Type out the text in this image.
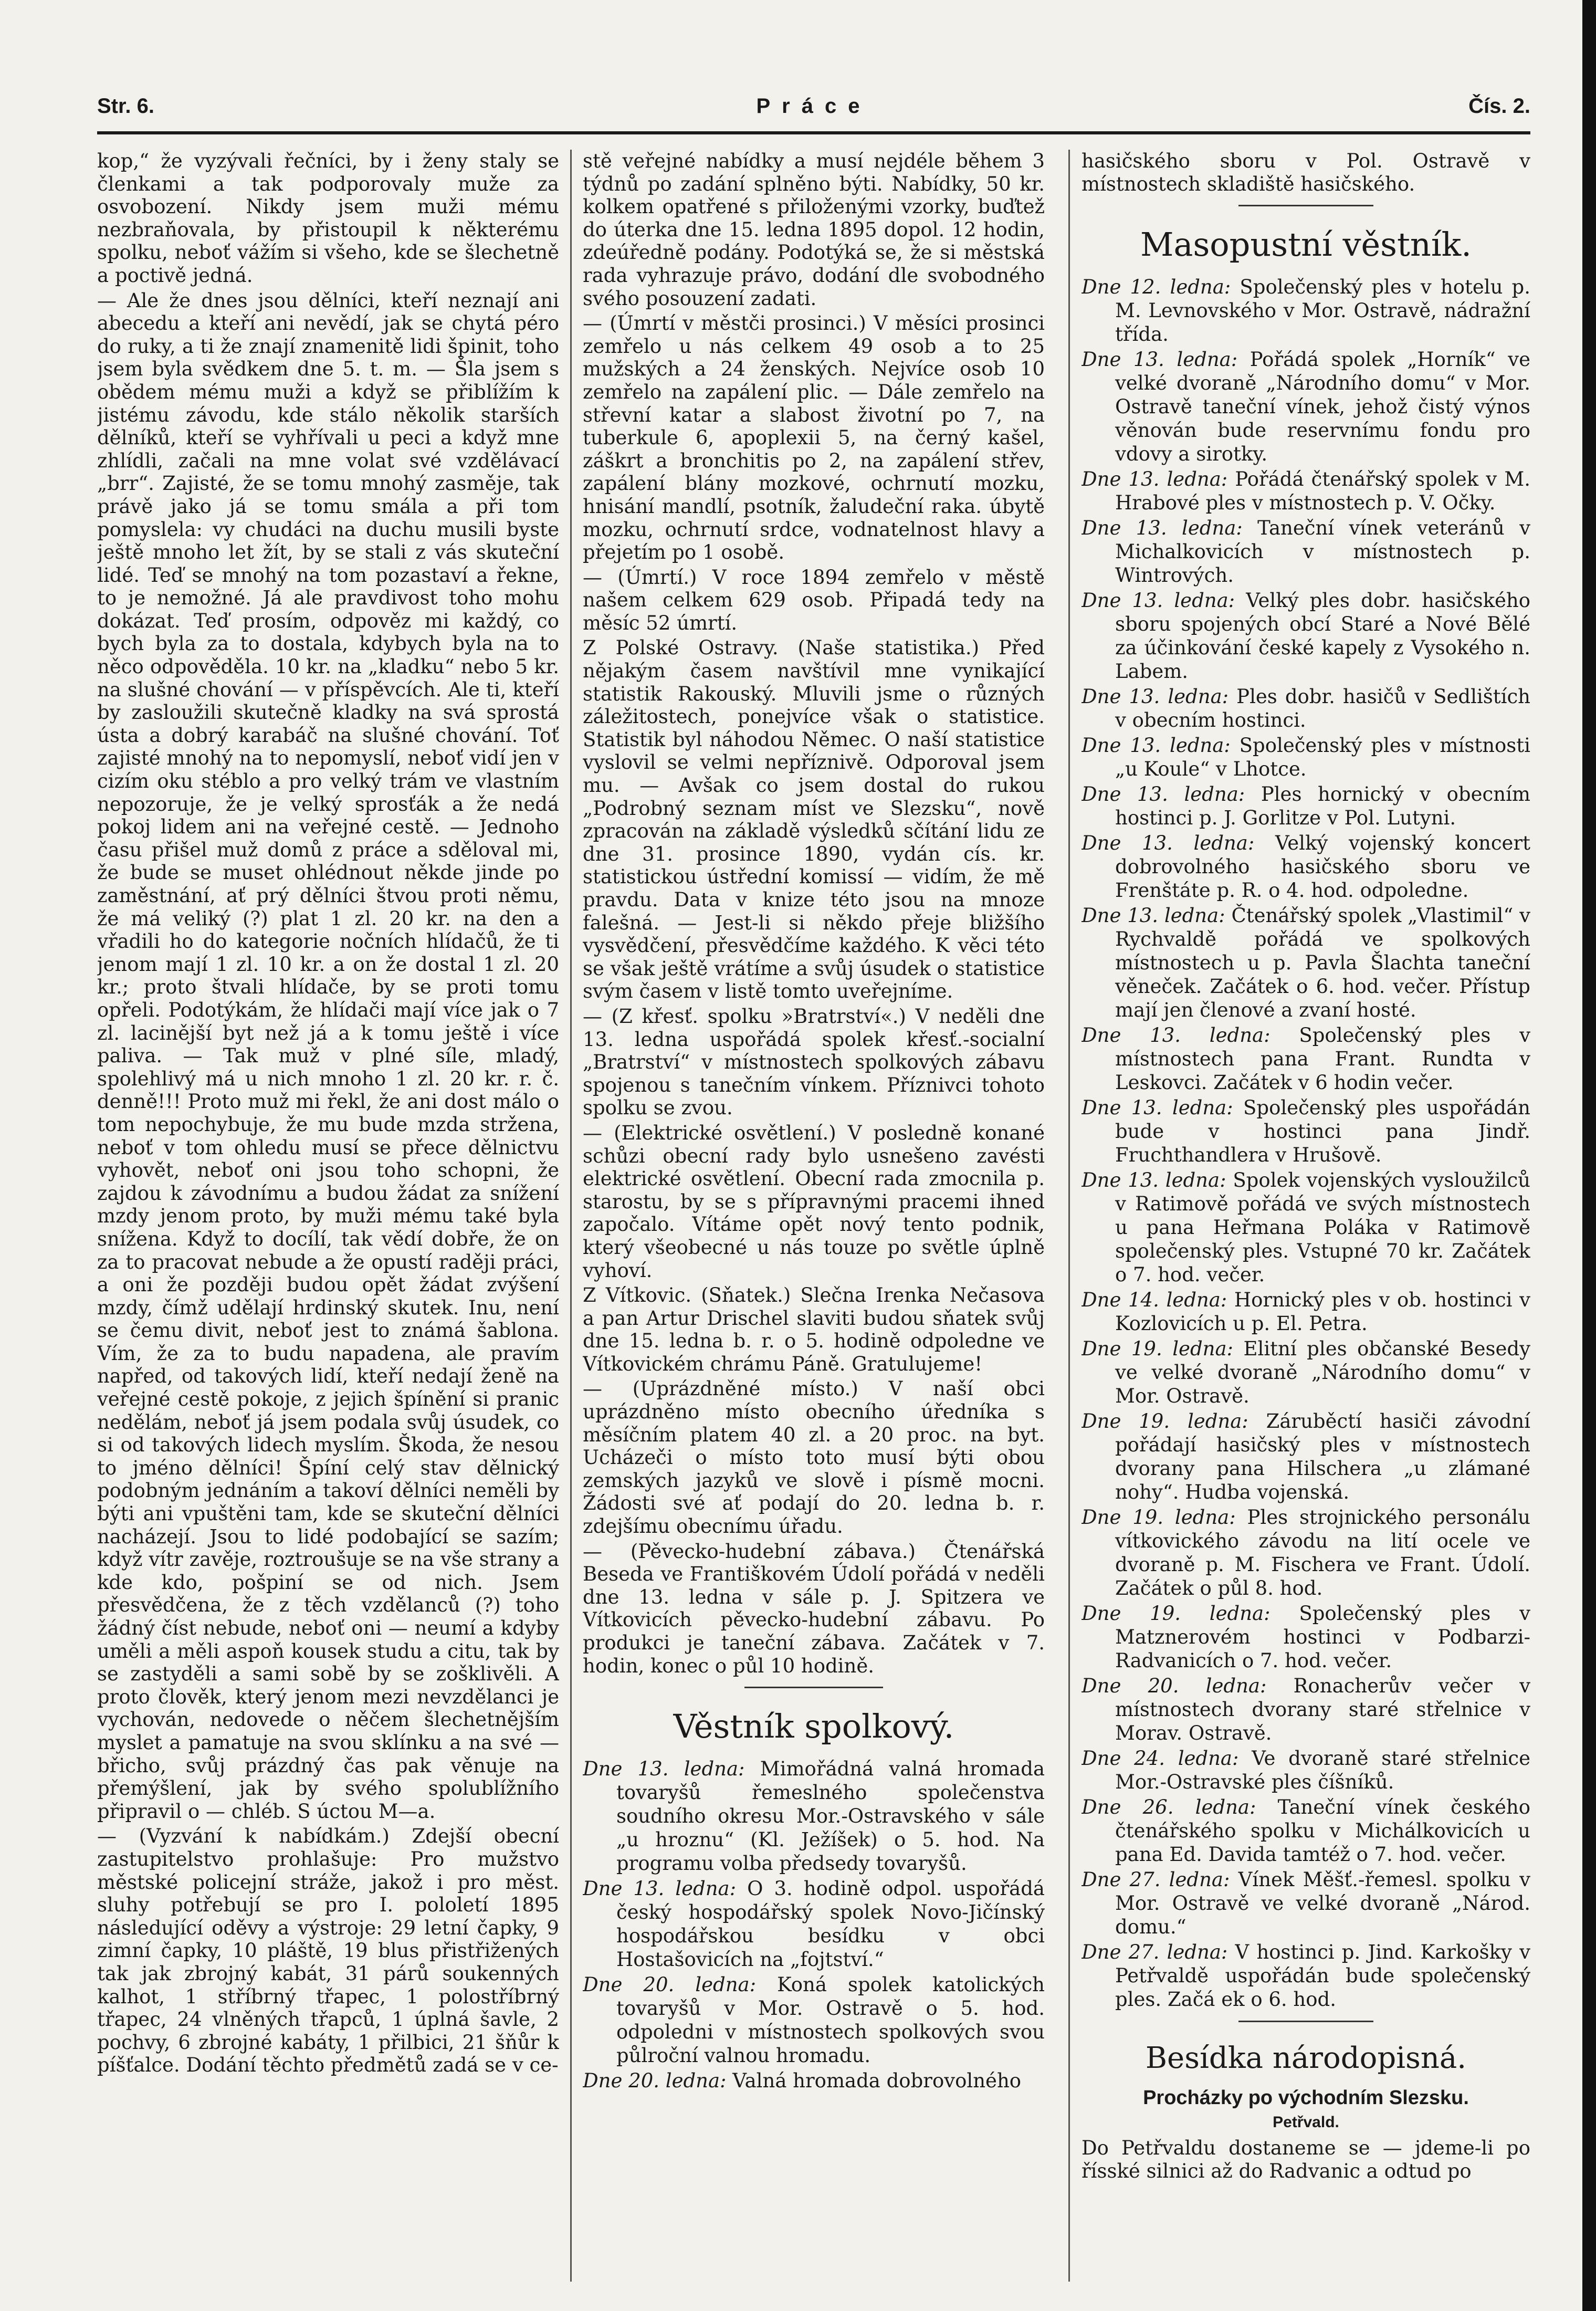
Str. 6.	Práce	Čís. 2.

kop,“ že vyzývali řečníci, by i ženy staly se členkami a tak podporovaly muže za osvobození. Nikdy jsem muži mému nezbraňovala, by přistoupil k některému spolku, neboť vážím si všeho, kde se šlechetně a poctivě jedná.

— Ale že dnes jsou dělníci, kteří neznají ani abecedu a kteří ani nevědí, jak se chytá péro do ruky, a ti že znají znamenitě lidi špinit, toho jsem byla svědkem dne 5. t. m. — Šla jsem s obědem mému muži a když se přiblížím k jistému závodu, kde stálo několik starších dělníků, kteří se vyhřívali u peci a když mne zhlídli, začali na mne volat své vzdělávací „brr“. Zajisté, že se tomu mnohý zasměje, tak právě jako já se tomu smála a při tom pomyslela: vy chudáci na duchu musili byste ještě mnoho let žít, by se stali z vás skuteční lidé. Teď se mnohý na tom pozastaví a řekne, to je nemožné. Já ale pravdivost toho mohu dokázat. Teď prosím, odpověz mi každý, co bych byla za to dostala, kdybych byla na to něco odpověděla. 10 kr. na „kladku“ nebo 5 kr. na slušné chování — v příspěvcích. Ale ti, kteří by zasloužili skutečně kladky na svá sprostá ústa a dobrý karabáč na slušné chování. Toť zajisté mnohý na to nepomyslí, neboť vidí jen v cizím oku stéblo a pro velký trám ve vlastním nepozoruje, že je velký sprosťák a že nedá pokoj lidem ani na veřejné cestě. — Jednoho času přišel muž domů z práce a sděloval mi, že bude se muset ohlédnout někde jinde po zaměstnání, ať prý dělníci štvou proti němu, že má veliký (?) plat 1 zl. 20 kr. na den a vřadili ho do kategorie nočních hlídačů, že ti jenom mají 1 zl. 10 kr. a on že dostal 1 zl. 20 kr.; proto štvali hlídače, by se proti tomu opřeli. Podotýkám, že hlídači mají více jak o 7 zl. lacinější byt než já a k tomu ještě i více paliva. — Tak muž v plné síle, mladý, spolehlivý má u nich mnoho 1 zl. 20 kr. r. č. denně!!! Proto muž mi řekl, že ani dost málo o tom nepochybuje, že mu bude mzda stržena, neboť v tom ohledu musí se přece dělnictvu vyhovět, neboť oni jsou toho schopni, že zajdou k závodnímu a budou žádat za snížení mzdy jenom proto, by muži mému také byla snížena. Když to docílí, tak vědí dobře, že on za to pracovat nebude a že opustí raději práci, a oni že později budou opět žádat zvýšení mzdy, čímž udělají hrdinský skutek. Inu, není se čemu divit, neboť jest to známá šablona. Vím, že za to budu napadena, ale pravím napřed, od takových lidí, kteří nedají ženě na veřejné cestě pokoje, z jejich špínění si pranic nedělám, neboť já jsem podala svůj úsudek, co si od takových lidech myslím. Škoda, že nesou to jméno dělníci! Špíní celý stav dělnický podobným jednáním a takoví dělníci neměli by býti ani vpuštěni tam, kde se skuteční dělníci nacházejí. Jsou to lidé podobající se sazím; když vítr zavěje, roztroušuje se na vše strany a kde kdo, pošpiní se od nich. Jsem přesvědčena, že z těch vzdělanců (?) toho žádný číst nebude, neboť oni — neumí a kdyby uměli a měli aspoň kousek studu a citu, tak by se zastyděli a sami sobě by se zošklivěli. A proto člověk, který jenom mezi nevzdělanci je vychován, nedovede o něčem šlechetnějším myslet a pamatuje na svou sklínku a na své — břicho, svůj prázdný čas pak věnuje na přemýšlení, jak by svého spolublížního připravil o — chléb. S úctou M—a.

— (Vyzvání k nabídkám.) Zdejší obecní zastupitelstvo prohlašuje: Pro mužstvo městské policejní stráže, jakož i pro měst. sluhy potřebují se pro I. pololetí 1895 následující oděvy a výstroje: 29 letní čapky, 9 zimní čapky, 10 pláště, 19 blus přistřižených tak jak zbrojný kabát, 31 párů soukenných kalhot, 1 stříbrný třapec, 1 polostříbrný třapec, 24 vlněných třapců, 1 úplná šavle, 2 pochvy, 6 zbrojné kabáty, 1 přilbici, 21 šňůr k píšťalce. Dodání těchto předmětů zadá se v ce-

stě veřejné nabídky a musí nejdéle během 3 týdnů po zadání splněno býti. Nabídky, 50 kr. kolkem opatřené s přiloženými vzorky, buďtež do úterka dne 15. ledna 1895 dopol. 12 hodin, zdeúředně podány. Podotýká se, že si městská rada vyhrazuje právo, dodání dle svobodného svého posouzení zadati.

— (Úmrtí v městči prosinci.) V měsíci prosinci zemřelo u nás celkem 49 osob a to 25 mužských a 24 ženských. Nejvíce osob 10 zemřelo na zapálení plic. — Dále zemřelo na střevní katar a slabost životní po 7, na tuberkule 6, apoplexii 5, na černý kašel, záškrt a bronchitis po 2, na zapálení střev, zapálení blány mozkové, ochrnutí mozku, hnisání mandlí, psotník, žaludeční raka. úbytě mozku, ochrnutí srdce, vodnatelnost hlavy a přejetím po 1 osobě.

— (Úmrtí.) V roce 1894 zemřelo v městě našem celkem 629 osob. Připadá tedy na měsíc 52 úmrtí.

Z Polské Ostravy. (Naše statistika.) Před nějakým časem navštívil mne vynikající statistik Rakouský. Mluvili jsme o různých záležitostech, ponejvíce však o statistice. Statistik byl náhodou Němec. O naší statistice vyslovil se velmi nepříznivě. Odporoval jsem mu. — Avšak co jsem dostal do rukou „Podrobný seznam míst ve Slezsku“, nově zpracován na základě výsledků sčítání lidu ze dne 31. prosince 1890, vydán cís. kr. statistickou ústřední komissí — vidím, že mě pravdu. Data v knize této jsou na mnoze falešná. — Jest-li si někdo přeje bližšího vysvědčení, přesvědčíme každého. K věci této se však ještě vrátíme a svůj úsudek o statistice svým časem v listě tomto uveřejníme.

— (Z křesť. spolku »Bratrství«.) V neděli dne 13. ledna uspořádá spolek křesť.-socialní „Bratrství“ v místnostech spolkových zábavu spojenou s tanečním vínkem. Příznivci tohoto spolku se zvou.

— (Elektrické osvětlení.) V posledně konané schůzi obecní rady bylo usnešeno zavésti elektrické osvětlení. Obecní rada zmocnila p. starostu, by se s přípravnými pracemi ihned započalo. Vítáme opět nový tento podnik, který všeobecné u nás touze po světle úplně vyhoví.

Z Vítkovic. (Sňatek.) Slečna Irenka Nečasova a pan Artur Drischel slaviti budou sňatek svůj dne 15. ledna b. r. o 5. hodině odpoledne ve Vítkovickém chrámu Páně. Gratulujeme!

— (Uprázdněné místo.) V naší obci uprázdněno místo obecního úředníka s měsíčním platem 40 zl. a 20 proc. na byt. Ucházeči o místo toto musí býti obou zemských jazyků ve slově i písmě mocni. Žádosti své ať podají do 20. ledna b. r. zdejšímu obecnímu úřadu.

— (Pěvecko-hudební zábava.) Čtenářská Beseda ve Františkovém Údolí pořádá v neděli dne 13. ledna v sále p. J. Spitzera ve Vítkovicích pěvecko-hudební zábavu. Po produkci je taneční zábava. Začátek v 7. hodin, konec o půl 10 hodině.

Věstník spolkový.
Dne 13. ledna: Mimořádná valná hromada tovaryšů řemeslného společenstva soudního okresu Mor.-Ostravského v sále „u hroznu“ (Kl. Ježíšek) o 5. hod. Na programu volba předsedy tovaryšů.
Dne 13. ledna: O 3. hodině odpol. uspořádá český hospodářský spolek Novo-Jičínský hospodářskou besídku v obci Hostašovicích na „fojtství.“
Dne 20. ledna: Koná spolek katolických tovaryšů v Mor. Ostravě o 5. hod. odpoledni v místnostech spolkových svou půlroční valnou hromadu.
Dne 20. ledna: Valná hromada dobrovolného

hasičského sboru v Pol. Ostravě v místnostech skladiště hasičského.

Masopustní věstník.
Dne 12. ledna: Společenský ples v hotelu p. M. Levnovského v Mor. Ostravě, nádražní třída.
Dne 13. ledna: Pořádá spolek „Horník“ ve velké dvoraně „Národního domu“ v Mor. Ostravě taneční vínek, jehož čistý výnos věnován bude reservnímu fondu pro vdovy a sirotky.
Dne 13. ledna: Pořádá čtenářský spolek v M. Hrabové ples v místnostech p. V. Očky.
Dne 13. ledna: Taneční vínek veteránů v Michalkovicích v místnostech p. Wintrových.
Dne 13. ledna: Velký ples dobr. hasičského sboru spojených obcí Staré a Nové Bělé za účinkování české kapely z Vysokého n. Labem.
Dne 13. ledna: Ples dobr. hasičů v Sedlištích v obecním hostinci.
Dne 13. ledna: Společenský ples v místnosti „u Koule“ v Lhotce.
Dne 13. ledna: Ples hornický v obecním hostinci p. J. Gorlitze v Pol. Lutyni.
Dne 13. ledna: Velký vojenský koncert dobrovolného hasičského sboru ve Frenštáte p. R. o 4. hod. odpoledne.
Dne 13. ledna: Čtenářský spolek „Vlastimil“ v Rychvaldě pořádá ve spolkových místnostech u p. Pavla Šlachta taneční věneček. Začátek o 6. hod. večer. Přístup mají jen členové a zvaní hosté.
Dne 13. ledna: Společenský ples v místnostech pana Frant. Rundta v Leskovci. Začátek v 6 hodin večer.
Dne 13. ledna: Společenský ples uspořádán bude v hostinci pana Jindř. Fruchthandlera v Hrušově.
Dne 13. ledna: Spolek vojenských vysloužilců v Ratimově pořádá ve svých místnostech u pana Heřmana Poláka v Ratimově společenský ples. Vstupné 70 kr. Začátek o 7. hod. večer.
Dne 14. ledna: Hornický ples v ob. hostinci v Kozlovicích u p. El. Petra.
Dne 19. ledna: Elitní ples občanské Besedy ve velké dvoraně „Národního domu“ v Mor. Ostravě.
Dne 19. ledna: Záruběctí hasiči závodní pořádají hasičský ples v místnostech dvorany pana Hilschera „u zlámané nohy“. Hudba vojenská.
Dne 19. ledna: Ples strojnického personálu vítkovického závodu na lití ocele ve dvoraně p. M. Fischera ve Frant. Údolí. Začátek o půl 8. hod.
Dne 19. ledna: Společenský ples v Matznerovém hostinci v Podbarzi-Radvanicích o 7. hod. večer.
Dne 20. ledna: Ronacherův večer v místnostech dvorany staré střelnice v Morav. Ostravě.
Dne 24. ledna: Ve dvoraně staré střelnice Mor.-Ostravské ples číšníků.
Dne 26. ledna: Taneční vínek českého čtenářského spolku v Michálkovicích u pana Ed. Davida tamtéž o 7. hod. večer.
Dne 27. ledna: Vínek Měšť.-řemesl. spolku v Mor. Ostravě ve velké dvoraně „Národ. domu.“
Dne 27. ledna: V hostinci p. Jind. Karkošky v Petřvaldě uspořádán bude společenský ples. Začá ek o 6. hod.
Besídka národopisná.
Procházky po východním Slezsku.
Petřvald.

Do Petřvaldu dostaneme se — jdeme-li po řísské silnici až do Radvanic a odtud po
